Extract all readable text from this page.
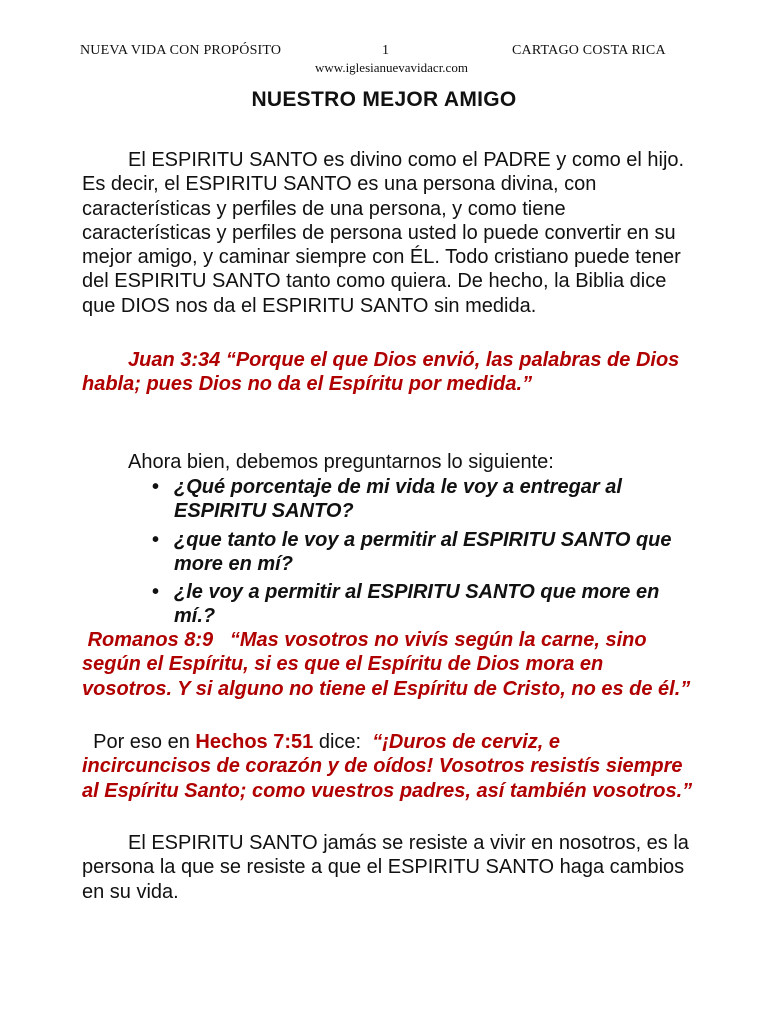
NUEVA VIDA CON PROPÓSITO	1	CARTAGO COSTA RICA
www.iglesianuevavidacr.com
NUESTRO MEJOR AMIGO
El ESPIRITU SANTO es divino como el PADRE y como el hijo. Es decir, el ESPIRITU SANTO es una persona divina, con características y perfiles de una persona, y como tiene características y perfiles de persona usted lo puede convertir en su mejor amigo, y caminar siempre con ÉL. Todo cristiano puede tener del ESPIRITU SANTO tanto como quiera. De hecho, la Biblia dice que DIOS nos da el ESPIRITU SANTO sin medida.
Juan 3:34 “Porque el que Dios envió, las palabras de Dios habla; pues Dios no da el Espíritu por medida.”
Ahora bien, debemos preguntarnos lo siguiente:
• ¿Qué porcentaje de mi vida le voy a entregar al ESPIRITU SANTO?
• ¿que tanto le voy a permitir al ESPIRITU SANTO que more en mí?
• ¿le voy a permitir al ESPIRITU SANTO que more en mí.?
Romanos 8:9   “Mas vosotros no vivís según la carne, sino según el Espíritu, si es que el Espíritu de Dios mora en vosotros. Y si alguno no tiene el Espíritu de Cristo, no es de él.”
Por eso en Hechos 7:51 dice:  “¡Duros de cerviz, e incircuncisos de corazón y de oídos! Vosotros resistís siempre al Espíritu Santo; como vuestros padres, así también vosotros.”
El ESPIRITU SANTO jamás se resiste a vivir en nosotros, es la persona la que se resiste a que el ESPIRITU SANTO haga cambios en su vida.
